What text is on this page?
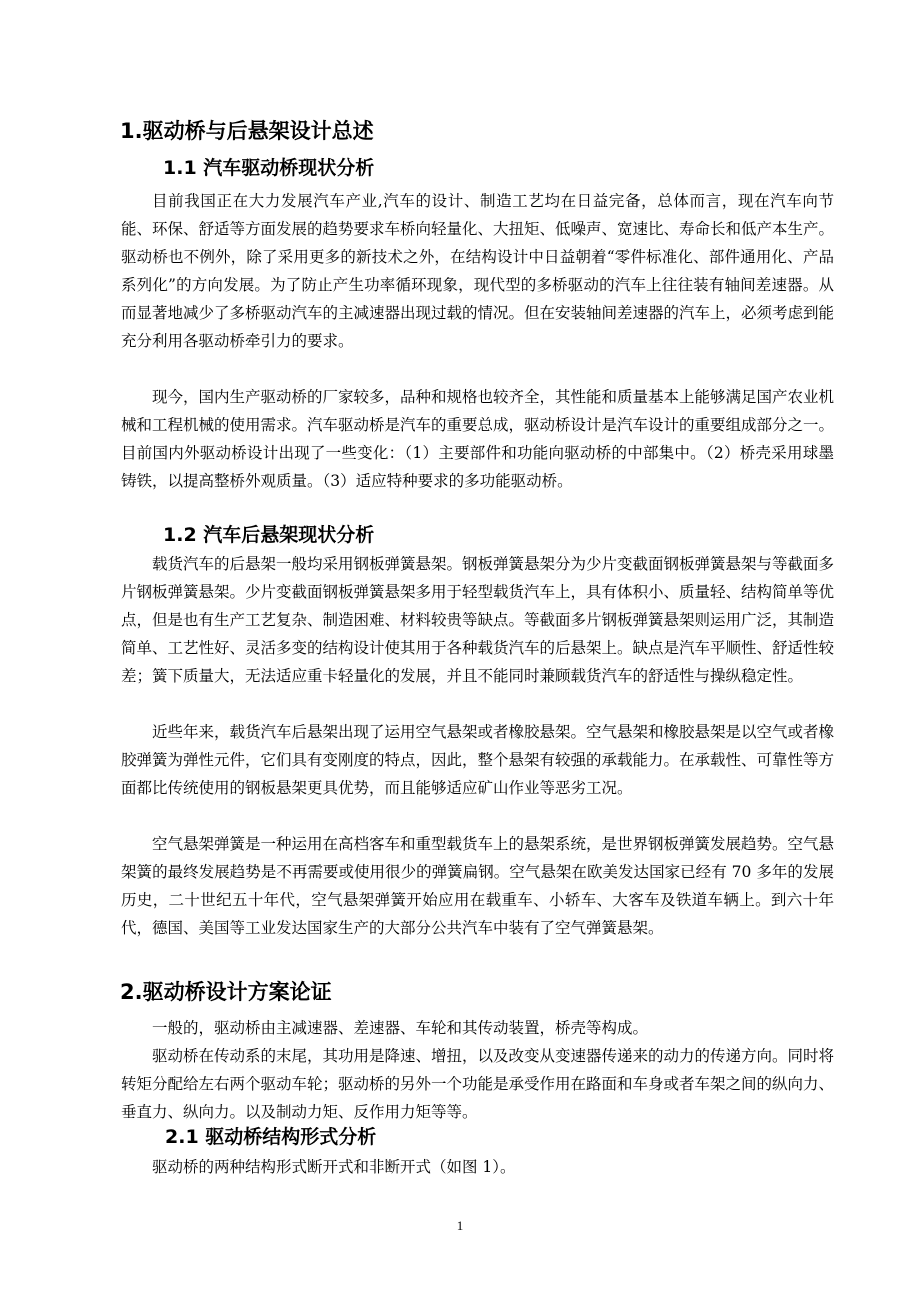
1.驱动桥与后悬架设计总述
1.1 汽车驱动桥现状分析

目前我国正在大力发展汽车产业,汽车的设计、制造工艺均在日益完备，总体而言，现在汽车向节能、环保、舒适等方面发展的趋势要求车桥向轻量化、大扭矩、低噪声、宽速比、寿命长和低产本生产。驱动桥也不例外，除了采用更多的新技术之外，在结构设计中日益朝着“零件标准化、部件通用化、产品系列化”的方向发展。为了防止产生功率循环现象，现代型的多桥驱动的汽车上往往装有轴间差速器。从而显著地减少了多桥驱动汽车的主减速器出现过载的情况。但在安装轴间差速器的汽车上，必须考虑到能充分利用各驱动桥牵引力的要求。

现今，国内生产驱动桥的厂家较多，品种和规格也较齐全，其性能和质量基本上能够满足国产农业机械和工程机械的使用需求。汽车驱动桥是汽车的重要总成，驱动桥设计是汽车设计的重要组成部分之一。目前国内外驱动桥设计出现了一些变化：（1）主要部件和功能向驱动桥的中部集中。（2）桥壳采用球墨铸铁，以提高整桥外观质量。（3）适应特种要求的多功能驱动桥。

1.2 汽车后悬架现状分析

载货汽车的后悬架一般均采用钢板弹簧悬架。钢板弹簧悬架分为少片变截面钢板弹簧悬架与等截面多片钢板弹簧悬架。少片变截面钢板弹簧悬架多用于轻型载货汽车上，具有体积小、质量轻、结构简单等优点，但是也有生产工艺复杂、制造困难、材料较贵等缺点。等截面多片钢板弹簧悬架则运用广泛，其制造简单、工艺性好、灵活多变的结构设计使其用于各种载货汽车的后悬架上。缺点是汽车平顺性、舒适性较差；簧下质量大，无法适应重卡轻量化的发展，并且不能同时兼顾载货汽车的舒适性与操纵稳定性。

近些年来，载货汽车后悬架出现了运用空气悬架或者橡胶悬架。空气悬架和橡胶悬架是以空气或者橡胶弹簧为弹性元件，它们具有变刚度的特点，因此，整个悬架有较强的承载能力。在承载性、可靠性等方面都比传统使用的钢板悬架更具优势，而且能够适应矿山作业等恶劣工况。

空气悬架弹簧是一种运用在高档客车和重型载货车上的悬架系统，是世界钢板弹簧发展趋势。空气悬架簧的最终发展趋势是不再需要或使用很少的弹簧扁钢。空气悬架在欧美发达国家已经有 70 多年的发展历史，二十世纪五十年代，空气悬架弹簧开始应用在载重车、小轿车、大客车及铁道车辆上。到六十年代，德国、美国等工业发达国家生产的大部分公共汽车中装有了空气弹簧悬架。

2.驱动桥设计方案论证

一般的，驱动桥由主减速器、差速器、车轮和其传动装置，桥壳等构成。

驱动桥在传动系的末尾，其功用是降速、增扭，以及改变从变速器传递来的动力的传递方向。同时将转矩分配给左右两个驱动车轮；驱动桥的另外一个功能是承受作用在路面和车身或者车架之间的纵向力、垂直力、纵向力。以及制动力矩、反作用力矩等等。

2.1 驱动桥结构形式分析

驱动桥的两种结构形式断开式和非断开式（如图 1）。

1
